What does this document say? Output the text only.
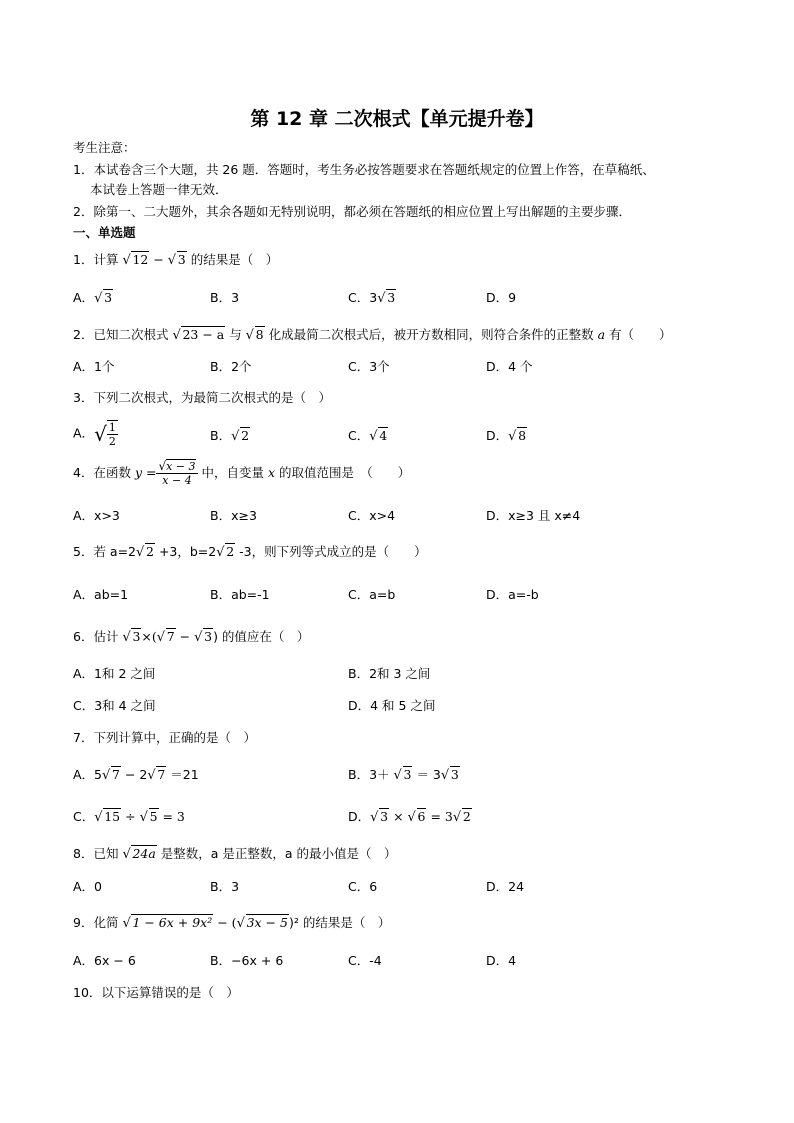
第 12 章 二次根式【单元提升卷】
考生注意：
1．本试卷含三个大题，共 26 题．答题时，考生务必按答题要求在答题纸规定的位置上作答，在草稿纸、
本试卷上答题一律无效．
2．除第一、二大题外，其余各题如无特别说明，都必须在答题纸的相应位置上写出解题的主要步骤．
一、单选题
1．计算 √ 12 − √ 3 的结果是（　）
A． √ 3	B．3	C．3 √ 3	D．9
2．已知二次根式 √ 23 − a 与 √ 8 化成最简二次根式后，被开方数相同，则符合条件的正整数 a 有（　　）
A．1个	B．2个	C．3个	D．4 个
3．下列二次根式，为最简二次根式的是（　）
A．√ $\frac{1}{2}$	B． √ 2	C． √ 4	D． √ 8
4．在函数 $y = \frac{√x - 3}{x - 4}$ 中，自变量 x 的取值范围是　（　　）
A．x>3	B．x≥3	C．x>4	D．x≥3 且 x≠4
5．若 a=2 √ 2 +3，b=2 √ 2 -3，则下列等式成立的是（　　）
A．ab=1	B．ab=-1	C．a=b	D．a=-b
6．估计 √ 3×( √ 7 − √ 3) 的值应在（　）
A．1和 2 之间	B．2和 3 之间
C．3和 4 之间	D．4 和 5 之间
7．下列计算中，正确的是（　）
A．5 √ 7 − 2 √ 7 ＝21	B．3＋ √ 3 ＝ 3 √ 3
C． √ 15 ÷ √ 5 = 3	D． √ 3 × √ 6 = 3 √ 2
8．已知 √ 24a 是整数，a 是正整数，a 的最小值是（　）
A．0	B．3	C．6	D．24
9．化简 √ 1 − 6x + 9x² − ( √ 3x − 5)² 的结果是（　）
A．6x − 6	B．−6x + 6	C．-4	D．4
10．以下运算错误的是（　）
